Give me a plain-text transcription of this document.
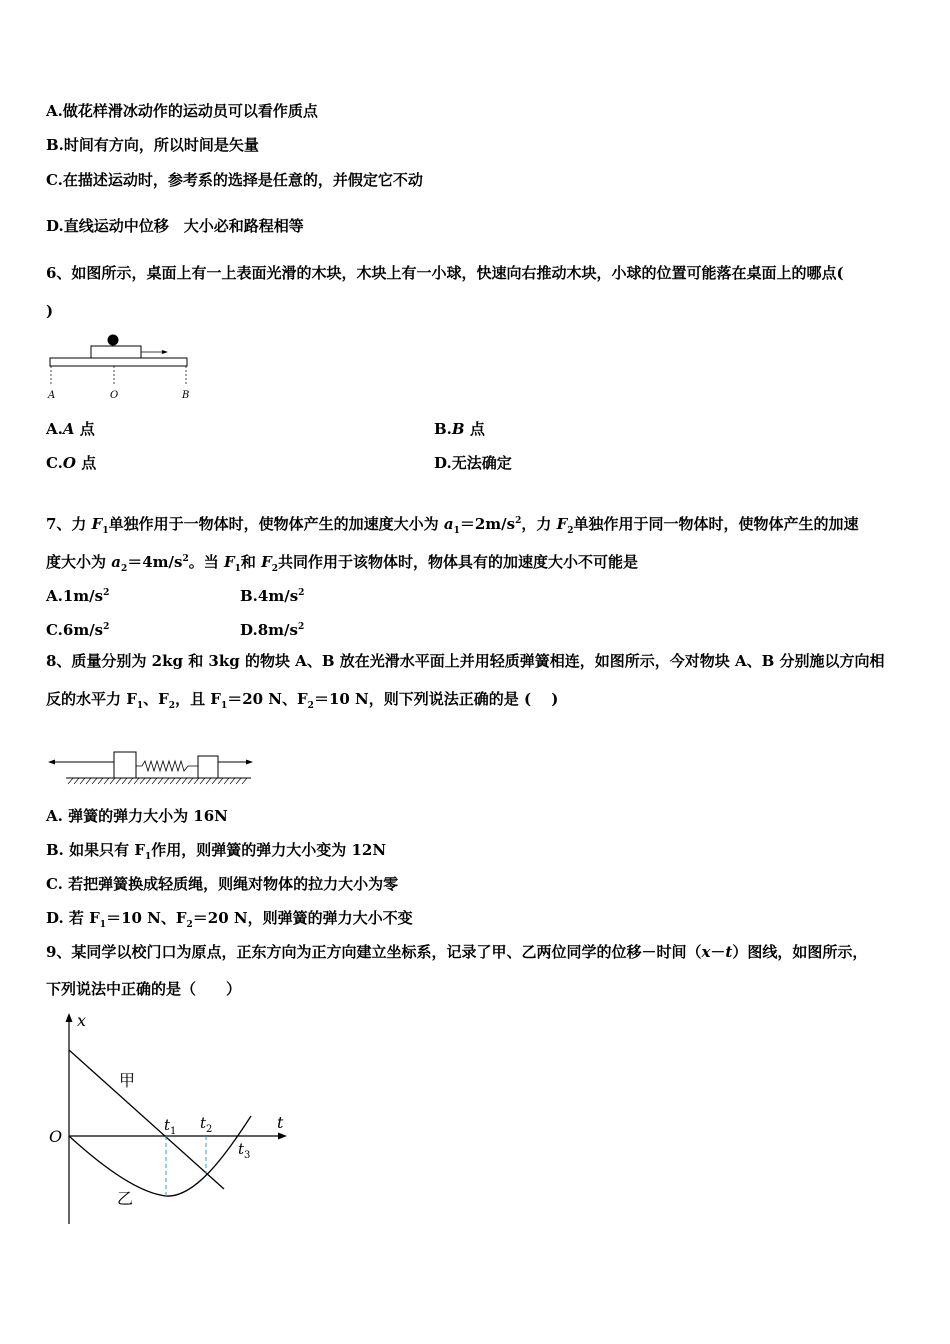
A.做花样滑冰动作的运动员可以看作质点
B.时间有方向，所以时间是矢量
C.在描述运动时，参考系的选择是任意的，并假定它不动
D.直线运动中位移　大小必和路程相等
6、如图所示，桌面上有一上表面光滑的木块，木块上有一小球，快速向右推动木块，小球的位置可能落在桌面上的哪点(
)
A	O	B
A.A 点	B.B 点
C.O 点	D.无法确定
7、力 $F_1$单独作用于一物体时，使物体产生的加速度大小为 $a_1=2m/s^2$，力 $F_2$单独作用于同一物体时，使物体产生的加速
度大小为 $a_2=4m/s^2$。当 $F_1$和 $F_2$共同作用于该物体时，物体具有的加速度大小不可能是
$A.1m/s^2$	$B.4m/s^2$
$C.6m/s^2$	$D.8m/s^2$
8、质量分别为 2kg 和 3kg 的物块 A、B 放在光滑水平面上并用轻质弹簧相连，如图所示，今对物块 A、B 分别施以方向相
反的水平力 $F_1$、$F_2$，且 $F_1=20$ N、$F_2=10$ N，则下列说法正确的是 (　 )
A. 弹簧的弹力大小为 16N
B. 如果只有 $F_1$作用，则弹簧的弹力大小变为 12N
C. 若把弹簧换成轻质绳，则绳对物体的拉力大小为零
D. 若 $F_1=10$ N、$F_2=20$ N，则弹簧的弹力大小不变
9、某同学以校门口为原点，正东方向为正方向建立坐标系，记录了甲、乙两位同学的位移－时间（x－t）图线，如图所示，
下列说法中正确的是（　　）
x
t
O
甲
乙
$t_1$ $t_2$
$t_3$
